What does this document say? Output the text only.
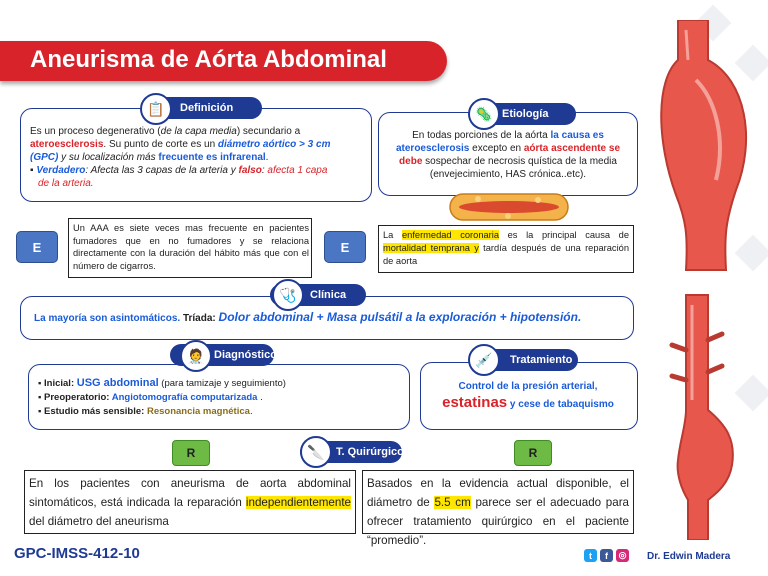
Aneurisma de Aórta Abdominal
Definición
📋
Es un proceso degenerativo (de la capa media) secundario a
ateroesclerosis. Su punto de corte es un diámetro aórtico > 3 cm
(GPC) y su localización más frecuente es infrarenal.
▪ Verdadero: Afecta las 3 capas de la arteria y falso: afecta 1 capa
de la arteria.
Etiología
🦠
En todas porciones de la aórta la causa es
ateroesclerosis excepto en aórta ascendente se
debe sospechar de necrosis quística de la media
(envejecimiento, HAS crónica..etc).
E
Un AAA es siete veces mas frecuente en pacientes fumadores que en no fumadores y se relaciona directamente con la duración del hábito más que con el número de cigarros.
E
La enfermedad coronaria es la principal causa de mortalidad temprana y tardía después de una reparación de aorta
Clínica
🩺
La mayoría son asintomáticos. Tríada: Dolor abdominal + Masa pulsátil a la exploración + hipotensión.
Diagnóstico
🧑‍⚕️
▪ Inicial: USG abdominal (para tamizaje y seguimiento)
▪ Preoperatorio: Angiotomografía computarizada .
▪ Estudio más sensible: Resonancia magnética.
Tratamiento
💉
Control de la presión arterial,
estatinas y cese de tabaquismo
R	T. Quirúrgico
🔪	R
En los pacientes con aneurisma de aorta abdominal sintomáticos, está indicada la reparación independientemente del diámetro del aneurisma
Basados en la evidencia actual disponible, el diámetro de 5.5 cm parece ser el adecuado para ofrecer tratamiento quirúrgico en el paciente “promedio”.
GPC-IMSS-412-10	t	f	◎ Dr. Edwin Madera
